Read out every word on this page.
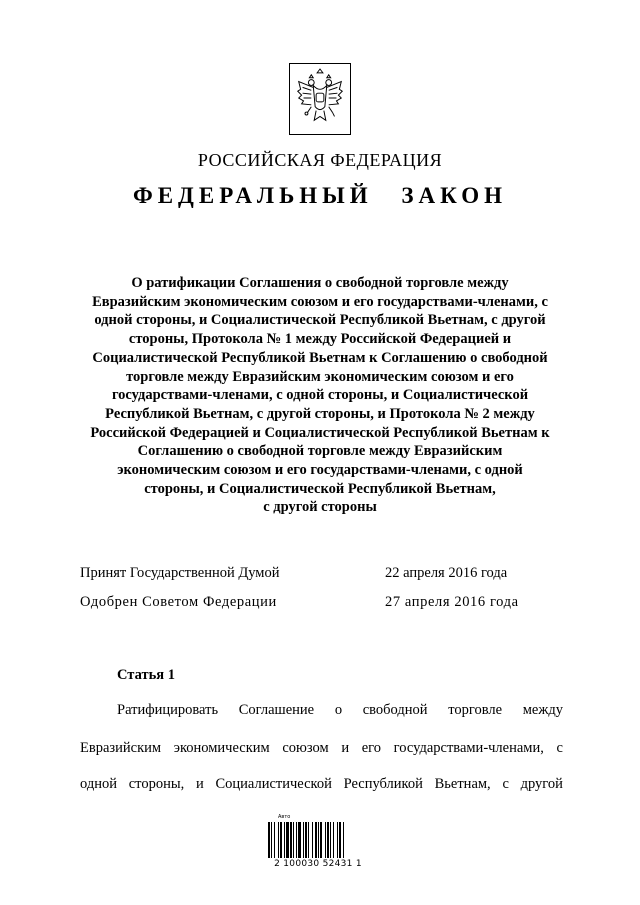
РОССИЙСКАЯ ФЕДЕРАЦИЯ
ФЕДЕРАЛЬНЫЙ ЗАКОН
О ратификации Соглашения о свободной торговле между
Евразийским экономическим союзом и его государствами-членами, с
одной стороны, и Социалистической Республикой Вьетнам, с другой
стороны, Протокола № 1 между Российской Федерацией и
Социалистической Республикой Вьетнам к Соглашению о свободной
торговле между Евразийским экономическим союзом и его
государствами-членами, с одной стороны, и Социалистической
Республикой Вьетнам, с другой стороны, и Протокола № 2 между
Российской Федерацией и Социалистической Республикой Вьетнам к
Соглашению о свободной торговле между Евразийским
экономическим союзом и его государствами-членами, с одной
стороны, и Социалистической Республикой Вьетнам,
с другой стороны
Принят Государственной Думой	22 апреля 2016 года
Одобрен Советом Федерации	27 апреля 2016 года
Статья 1
Ратифицировать Соглашение о свободной торговле между
Евразийским экономическим союзом и его государствами-членами, с
одной стороны, и Социалистической Республикой Вьетнам, с другой
Авто
2 100030 52431 1
